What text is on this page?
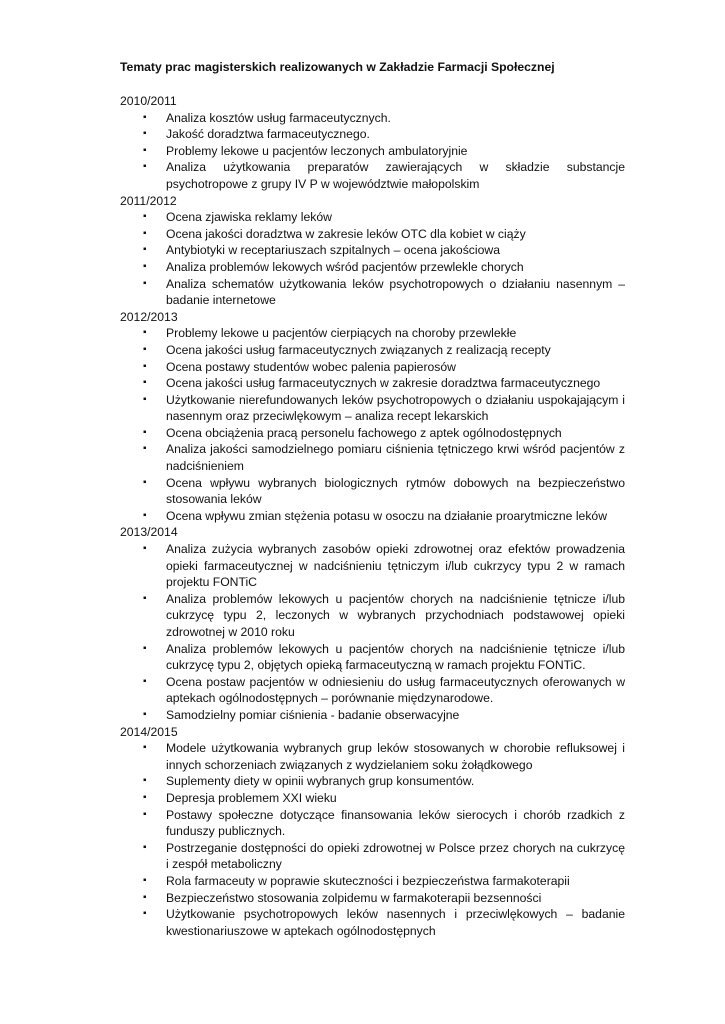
Tematy prac magisterskich realizowanych w Zakładzie Farmacji Społecznej
2010/2011
▪ Analiza kosztów usług farmaceutycznych.
▪ Jakość doradztwa farmaceutycznego.
▪ Problemy lekowe u pacjentów leczonych ambulatoryjnie
▪ Analiza użytkowania preparatów zawierających w składzie substancje psychotropowe z grupy IV P w województwie małopolskim
2011/2012
▪ Ocena zjawiska reklamy leków
▪ Ocena jakości doradztwa w zakresie leków OTC dla kobiet w ciąży
▪ Antybiotyki w receptariuszach szpitalnych – ocena jakościowa
▪ Analiza problemów lekowych wśród pacjentów przewlekle chorych
▪ Analiza schematów użytkowania leków psychotropowych o działaniu nasennym – badanie internetowe
2012/2013
▪ Problemy lekowe u pacjentów cierpiących na choroby przewlekłe
▪ Ocena jakości usług farmaceutycznych związanych z realizacją recepty
▪ Ocena postawy studentów wobec palenia papierosów
▪ Ocena jakości usług farmaceutycznych w zakresie doradztwa farmaceutycznego
▪ Użytkowanie nierefundowanych leków psychotropowych o działaniu uspokajającym i nasennym oraz przeciwlękowym – analiza recept lekarskich
▪ Ocena obciążenia pracą personelu fachowego z aptek ogólnodostępnych
▪ Analiza jakości samodzielnego pomiaru ciśnienia tętniczego krwi wśród pacjentów z nadciśnieniem
▪ Ocena wpływu wybranych biologicznych rytmów dobowych na bezpieczeństwo stosowania leków
▪ Ocena wpływu zmian stężenia potasu w osoczu na działanie proarytmiczne leków
2013/2014
▪ Analiza zużycia wybranych zasobów opieki zdrowotnej oraz efektów prowadzenia opieki farmaceutycznej w nadciśnieniu tętniczym i/lub cukrzycy typu 2 w ramach projektu FONTiC
▪ Analiza problemów lekowych u pacjentów chorych na nadciśnienie tętnicze i/lub cukrzycę typu 2, leczonych w wybranych przychodniach podstawowej opieki zdrowotnej w 2010 roku
▪ Analiza problemów lekowych u pacjentów chorych na nadciśnienie tętnicze i/lub cukrzycę typu 2, objętych opieką farmaceutyczną w ramach projektu FONTiC.
▪ Ocena postaw pacjentów w odniesieniu do usług farmaceutycznych oferowanych w aptekach ogólnodostępnych – porównanie międzynarodowe.
▪ Samodzielny pomiar ciśnienia - badanie obserwacyjne
2014/2015
▪ Modele użytkowania wybranych grup leków stosowanych w chorobie refluksowej i innych schorzeniach związanych z wydzielaniem soku żołądkowego
▪ Suplementy diety w opinii wybranych grup konsumentów.
▪ Depresja problemem XXI wieku
▪ Postawy społeczne dotyczące finansowania leków sierocych i chorób rzadkich z funduszy publicznych.
▪ Postrzeganie dostępności do opieki zdrowotnej w Polsce przez chorych na cukrzycę i zespół metaboliczny
▪ Rola farmaceuty w poprawie skuteczności i bezpieczeństwa farmakoterapii
▪ Bezpieczeństwo stosowania zolpidemu w farmakoterapii bezsenności
▪ Użytkowanie psychotropowych leków nasennych i przeciwlękowych – badanie kwestionariuszowe w aptekach ogólnodostępnych
